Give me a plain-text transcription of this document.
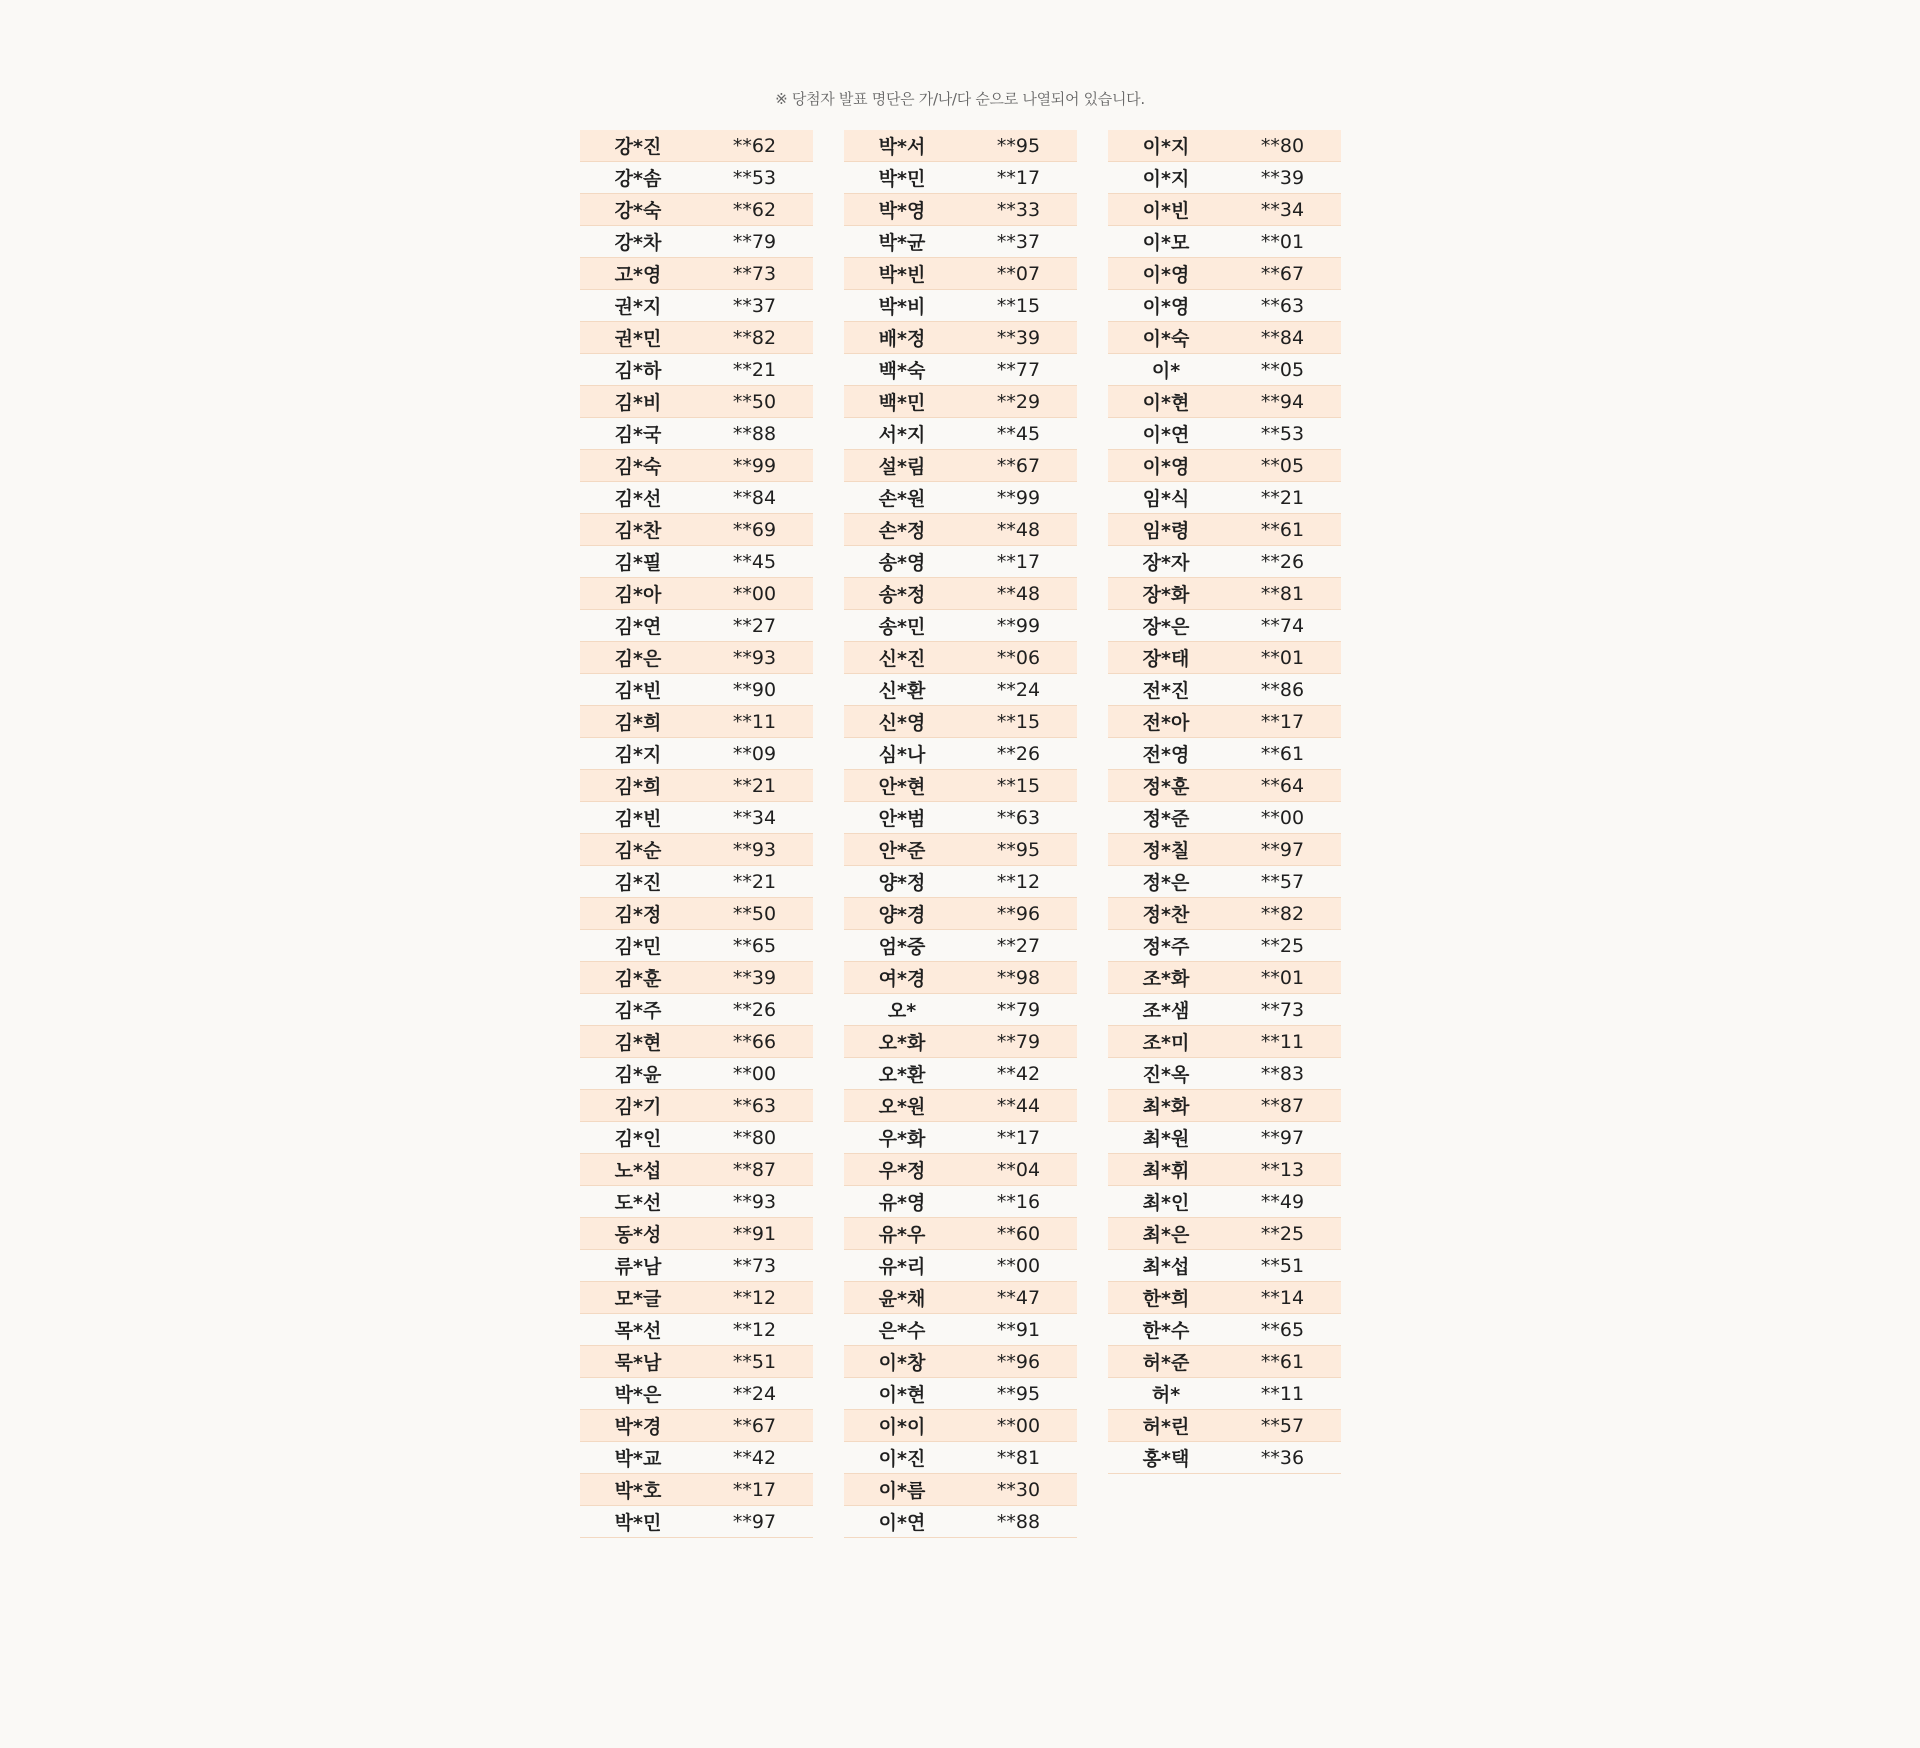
※ 당첨자 발표 명단은 가/나/다 순으로 나열되어 있습니다.
강*진	**62
강*솜	**53
강*숙	**62
강*차	**79
고*영	**73
권*지	**37
권*민	**82
김*하	**21
김*비	**50
김*국	**88
김*숙	**99
김*선	**84
김*찬	**69
김*필	**45
김*아	**00
김*연	**27
김*은	**93
김*빈	**90
김*희	**11
김*지	**09
김*희	**21
김*빈	**34
김*순	**93
김*진	**21
김*정	**50
김*민	**65
김*훈	**39
김*주	**26
김*현	**66
김*윤	**00
김*기	**63
김*인	**80
노*섭	**87
도*선	**93
동*성	**91
류*남	**73
모*글	**12
목*선	**12
묵*남	**51
박*은	**24
박*경	**67
박*교	**42
박*호	**17
박*민	**97
박*서	**95
박*민	**17
박*영	**33
박*균	**37
박*빈	**07
박*비	**15
배*정	**39
백*숙	**77
백*민	**29
서*지	**45
설*림	**67
손*원	**99
손*정	**48
송*영	**17
송*정	**48
송*민	**99
신*진	**06
신*환	**24
신*영	**15
심*나	**26
안*현	**15
안*범	**63
안*준	**95
양*정	**12
양*경	**96
엄*중	**27
여*경	**98
오*	**79
오*화	**79
오*환	**42
오*원	**44
우*화	**17
우*정	**04
유*영	**16
유*우	**60
유*리	**00
윤*채	**47
은*수	**91
이*창	**96
이*현	**95
이*이	**00
이*진	**81
이*름	**30
이*연	**88
이*지	**80
이*지	**39
이*빈	**34
이*모	**01
이*영	**67
이*영	**63
이*숙	**84
이*	**05
이*현	**94
이*연	**53
이*영	**05
임*식	**21
임*령	**61
장*자	**26
장*화	**81
장*은	**74
장*태	**01
전*진	**86
전*아	**17
전*영	**61
정*훈	**64
정*준	**00
정*칠	**97
정*은	**57
정*찬	**82
정*주	**25
조*화	**01
조*샘	**73
조*미	**11
진*옥	**83
최*화	**87
최*원	**97
최*휘	**13
최*인	**49
최*은	**25
최*섭	**51
한*희	**14
한*수	**65
허*준	**61
허*	**11
허*린	**57
홍*택	**36
